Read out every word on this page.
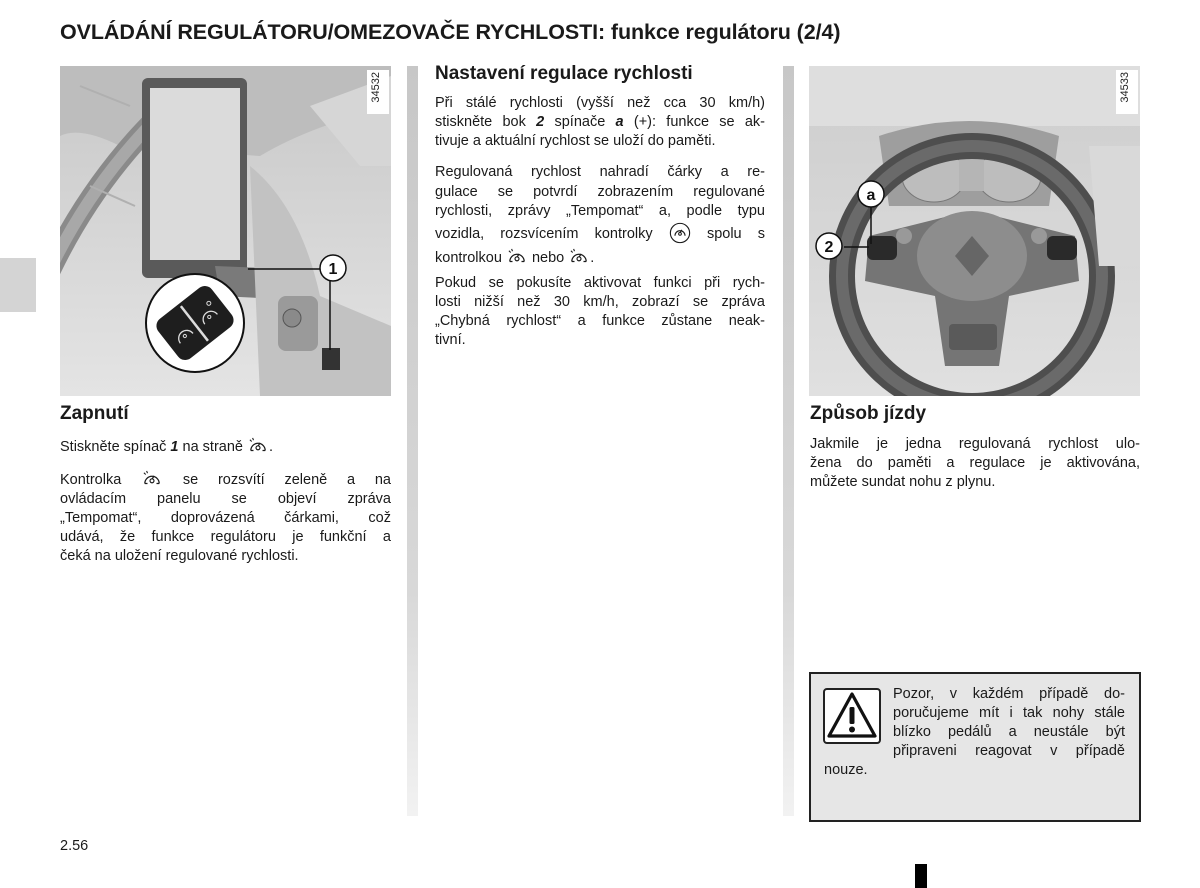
OVLÁDÁNÍ REGULÁTORU/OMEZOVAČE RYCHLOSTI: funkce regulátoru (2/4)
1
34532
a
2
34533
Zapnutí
Stiskněte spínač 1 na straně .
Kontrolka	se rozsvítí zeleně a na
ovládacím panelu se objeví zpráva
„Tempomat“, doprovázená čárkami, což
udává, že funkce regulátoru je funkční a
čeká na uložení regulované rychlosti.
Nastavení regulace rychlosti
Při stálé rychlosti (vyšší než cca 30 km/h)
stiskněte bok 2 spínače a (+): funkce se ak-
tivuje a aktuální rychlost se uloží do paměti.
Regulovaná rychlost nahradí čárky a re-
gulace se potvrdí zobrazením regulované
rychlosti, zprávy „Tempomat“ a, podle typu
vozidla, rozsvícením kontrolky	spolu s
kontrolkou  nebo .
Pokud se pokusíte aktivovat funkci při rych-
losti nižší než 30 km/h, zobrazí se zpráva
„Chybná rychlost“ a funkce zůstane neak-
tivní.
Způsob jízdy
Jakmile je jedna regulovaná rychlost ulo-
žena do paměti a regulace je aktivována,
můžete sundat nohu z plynu.
Pozor, v každém případě do-
poručujeme mít i tak nohy stále
blízko pedálů a neustále být
připraveni reagovat v případě
nouze.
2.56
